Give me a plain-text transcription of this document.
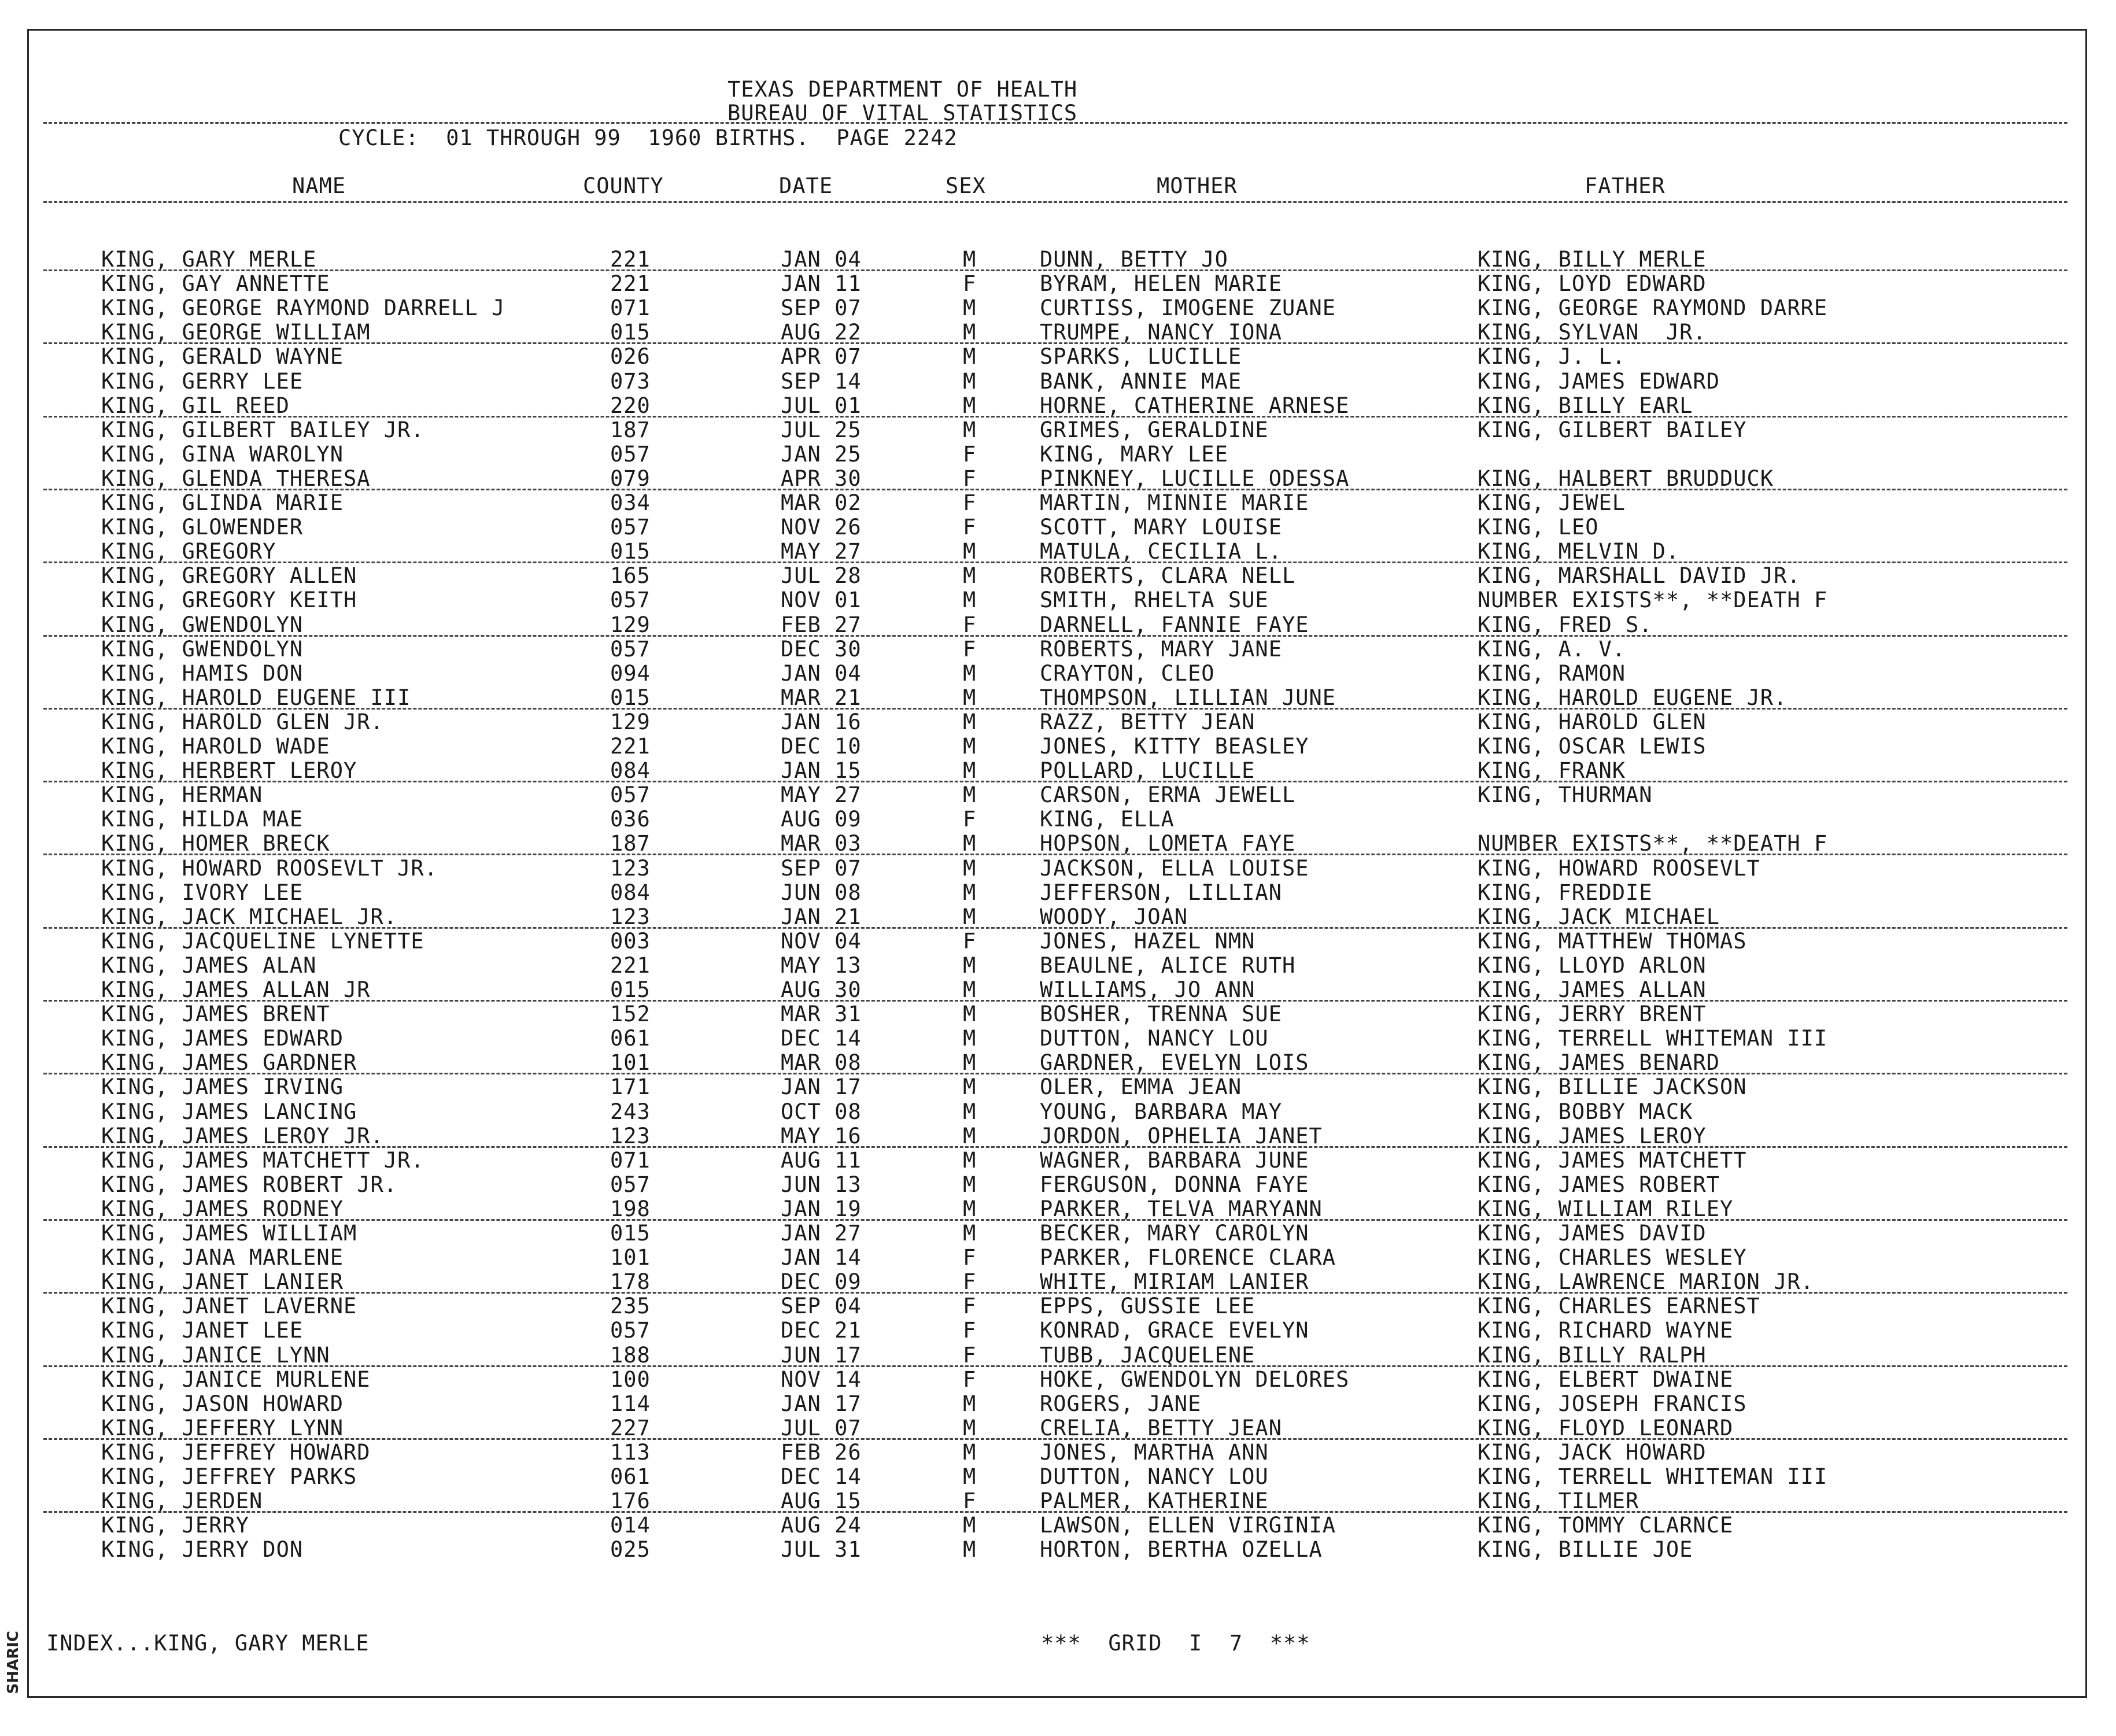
SHARIC
TEXAS DEPARTMENT OF HEALTH
BUREAU OF VITAL STATISTICS
CYCLE:  01 THROUGH 99  1960 BIRTHS.  PAGE 2242
NAME	COUNTY	DATE	SEX	MOTHER	FATHER
KING, GARY MERLE	221	JAN 04	M	DUNN, BETTY JO	KING, BILLY MERLE
KING, GAY ANNETTE	221	JAN 11	F	BYRAM, HELEN MARIE	KING, LOYD EDWARD
KING, GEORGE RAYMOND DARRELL J	071	SEP 07	M	CURTISS, IMOGENE ZUANE	KING, GEORGE RAYMOND DARRE
KING, GEORGE WILLIAM	015	AUG 22	M	TRUMPE, NANCY IONA	KING, SYLVAN  JR.
KING, GERALD WAYNE	026	APR 07	M	SPARKS, LUCILLE	KING, J. L.
KING, GERRY LEE	073	SEP 14	M	BANK, ANNIE MAE	KING, JAMES EDWARD
KING, GIL REED	220	JUL 01	M	HORNE, CATHERINE ARNESE	KING, BILLY EARL
KING, GILBERT BAILEY JR.	187	JUL 25	M	GRIMES, GERALDINE	KING, GILBERT BAILEY
KING, GINA WAROLYN	057	JAN 25	F	KING, MARY LEE
KING, GLENDA THERESA	079	APR 30	F	PINKNEY, LUCILLE ODESSA	KING, HALBERT BRUDDUCK
KING, GLINDA MARIE	034	MAR 02	F	MARTIN, MINNIE MARIE	KING, JEWEL
KING, GLOWENDER	057	NOV 26	F	SCOTT, MARY LOUISE	KING, LEO
KING, GREGORY	015	MAY 27	M	MATULA, CECILIA L.	KING, MELVIN D.
KING, GREGORY ALLEN	165	JUL 28	M	ROBERTS, CLARA NELL	KING, MARSHALL DAVID JR.
KING, GREGORY KEITH	057	NOV 01	M	SMITH, RHELTA SUE	NUMBER EXISTS**, **DEATH F
KING, GWENDOLYN	129	FEB 27	F	DARNELL, FANNIE FAYE	KING, FRED S.
KING, GWENDOLYN	057	DEC 30	F	ROBERTS, MARY JANE	KING, A. V.
KING, HAMIS DON	094	JAN 04	M	CRAYTON, CLEO	KING, RAMON
KING, HAROLD EUGENE III	015	MAR 21	M	THOMPSON, LILLIAN JUNE	KING, HAROLD EUGENE JR.
KING, HAROLD GLEN JR.	129	JAN 16	M	RAZZ, BETTY JEAN	KING, HAROLD GLEN
KING, HAROLD WADE	221	DEC 10	M	JONES, KITTY BEASLEY	KING, OSCAR LEWIS
KING, HERBERT LEROY	084	JAN 15	M	POLLARD, LUCILLE	KING, FRANK
KING, HERMAN	057	MAY 27	M	CARSON, ERMA JEWELL	KING, THURMAN
KING, HILDA MAE	036	AUG 09	F	KING, ELLA
KING, HOMER BRECK	187	MAR 03	M	HOPSON, LOMETA FAYE	NUMBER EXISTS**, **DEATH F
KING, HOWARD ROOSEVLT JR.	123	SEP 07	M	JACKSON, ELLA LOUISE	KING, HOWARD ROOSEVLT
KING, IVORY LEE	084	JUN 08	M	JEFFERSON, LILLIAN	KING, FREDDIE
KING, JACK MICHAEL JR.	123	JAN 21	M	WOODY, JOAN	KING, JACK MICHAEL
KING, JACQUELINE LYNETTE	003	NOV 04	F	JONES, HAZEL NMN	KING, MATTHEW THOMAS
KING, JAMES ALAN	221	MAY 13	M	BEAULNE, ALICE RUTH	KING, LLOYD ARLON
KING, JAMES ALLAN JR	015	AUG 30	M	WILLIAMS, JO ANN	KING, JAMES ALLAN
KING, JAMES BRENT	152	MAR 31	M	BOSHER, TRENNA SUE	KING, JERRY BRENT
KING, JAMES EDWARD	061	DEC 14	M	DUTTON, NANCY LOU	KING, TERRELL WHITEMAN III
KING, JAMES GARDNER	101	MAR 08	M	GARDNER, EVELYN LOIS	KING, JAMES BENARD
KING, JAMES IRVING	171	JAN 17	M	OLER, EMMA JEAN	KING, BILLIE JACKSON
KING, JAMES LANCING	243	OCT 08	M	YOUNG, BARBARA MAY	KING, BOBBY MACK
KING, JAMES LEROY JR.	123	MAY 16	M	JORDON, OPHELIA JANET	KING, JAMES LEROY
KING, JAMES MATCHETT JR.	071	AUG 11	M	WAGNER, BARBARA JUNE	KING, JAMES MATCHETT
KING, JAMES ROBERT JR.	057	JUN 13	M	FERGUSON, DONNA FAYE	KING, JAMES ROBERT
KING, JAMES RODNEY	198	JAN 19	M	PARKER, TELVA MARYANN	KING, WILLIAM RILEY
KING, JAMES WILLIAM	015	JAN 27	M	BECKER, MARY CAROLYN	KING, JAMES DAVID
KING, JANA MARLENE	101	JAN 14	F	PARKER, FLORENCE CLARA	KING, CHARLES WESLEY
KING, JANET LANIER	178	DEC 09	F	WHITE, MIRIAM LANIER	KING, LAWRENCE MARION JR.
KING, JANET LAVERNE	235	SEP 04	F	EPPS, GUSSIE LEE	KING, CHARLES EARNEST
KING, JANET LEE	057	DEC 21	F	KONRAD, GRACE EVELYN	KING, RICHARD WAYNE
KING, JANICE LYNN	188	JUN 17	F	TUBB, JACQUELENE	KING, BILLY RALPH
KING, JANICE MURLENE	100	NOV 14	F	HOKE, GWENDOLYN DELORES	KING, ELBERT DWAINE
KING, JASON HOWARD	114	JAN 17	M	ROGERS, JANE	KING, JOSEPH FRANCIS
KING, JEFFERY LYNN	227	JUL 07	M	CRELIA, BETTY JEAN	KING, FLOYD LEONARD
KING, JEFFREY HOWARD	113	FEB 26	M	JONES, MARTHA ANN	KING, JACK HOWARD
KING, JEFFREY PARKS	061	DEC 14	M	DUTTON, NANCY LOU	KING, TERRELL WHITEMAN III
KING, JERDEN	176	AUG 15	F	PALMER, KATHERINE	KING, TILMER
KING, JERRY	014	AUG 24	M	LAWSON, ELLEN VIRGINIA	KING, TOMMY CLARNCE
KING, JERRY DON	025	JUL 31	M	HORTON, BERTHA OZELLA	KING, BILLIE JOE
INDEX...KING, GARY MERLE	***  GRID  I  7  ***
